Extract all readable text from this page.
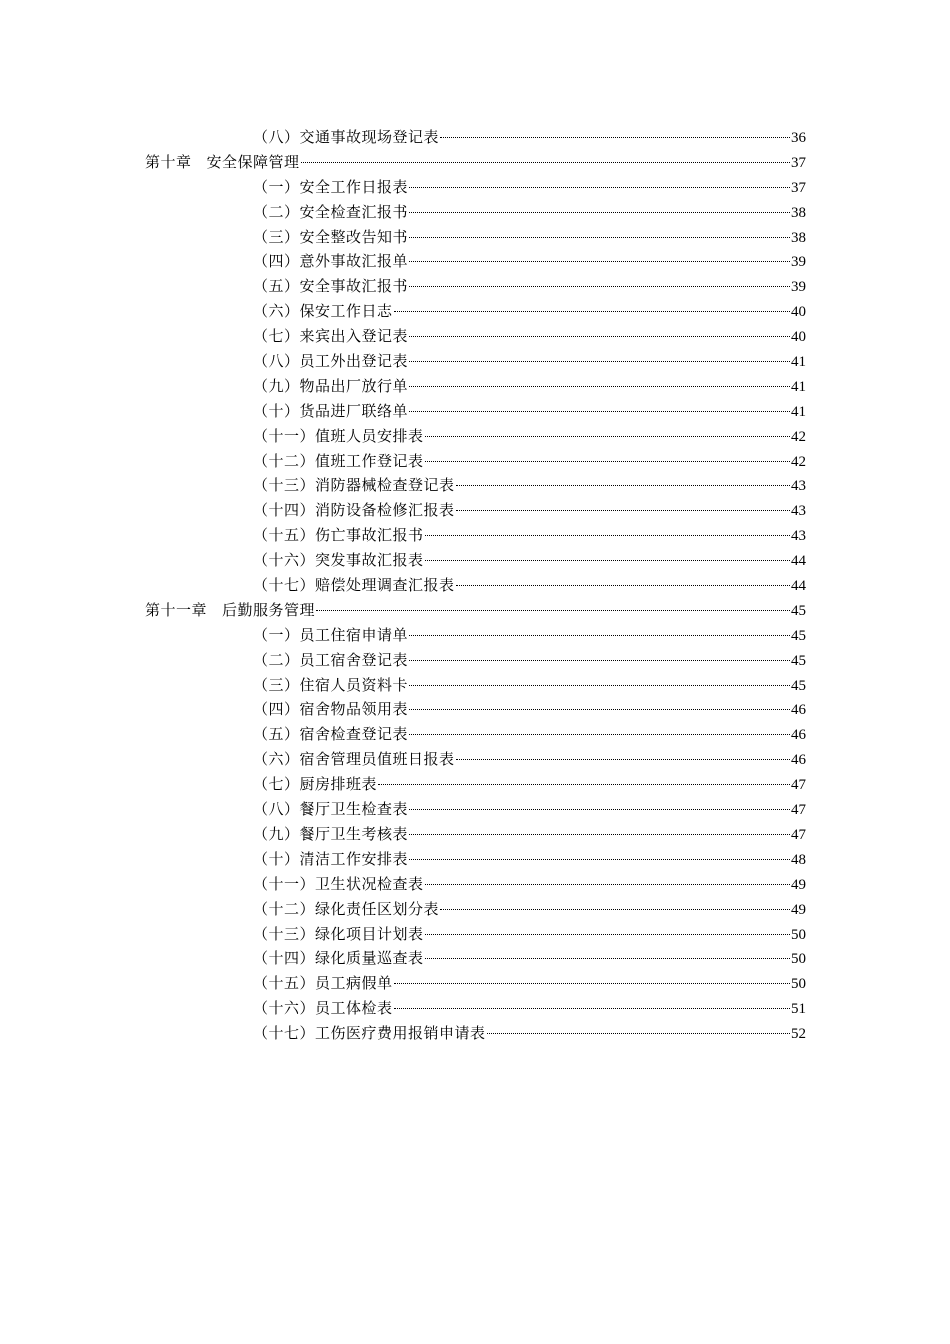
（八）交通事故现场登记表	36
第十章 安全保障管理	37
（一）安全工作日报表	37
（二）安全检查汇报书	38
（三）安全整改告知书	38
（四）意外事故汇报单	39
（五）安全事故汇报书	39
（六）保安工作日志	40
（七）来宾出入登记表	40
（八）员工外出登记表	41
（九）物品出厂放行单	41
（十）货品进厂联络单	41
（十一）值班人员安排表	42
（十二）值班工作登记表	42
（十三）消防器械检查登记表	43
（十四）消防设备检修汇报表	43
（十五）伤亡事故汇报书	43
（十六）突发事故汇报表	44
（十七）赔偿处理调查汇报表	44
第十一章 后勤服务管理	45
（一）员工住宿申请单	45
（二）员工宿舍登记表	45
（三）住宿人员资料卡	45
（四）宿舍物品领用表	46
（五）宿舍检查登记表	46
（六）宿舍管理员值班日报表	46
（七）厨房排班表	47
（八）餐厅卫生检查表	47
（九）餐厅卫生考核表	47
（十）清洁工作安排表	48
（十一）卫生状况检查表	49
（十二）绿化责任区划分表	49
（十三）绿化项目计划表	50
（十四）绿化质量巡查表	50
（十五）员工病假单	50
（十六）员工体检表	51
（十七）工伤医疗费用报销申请表	52
